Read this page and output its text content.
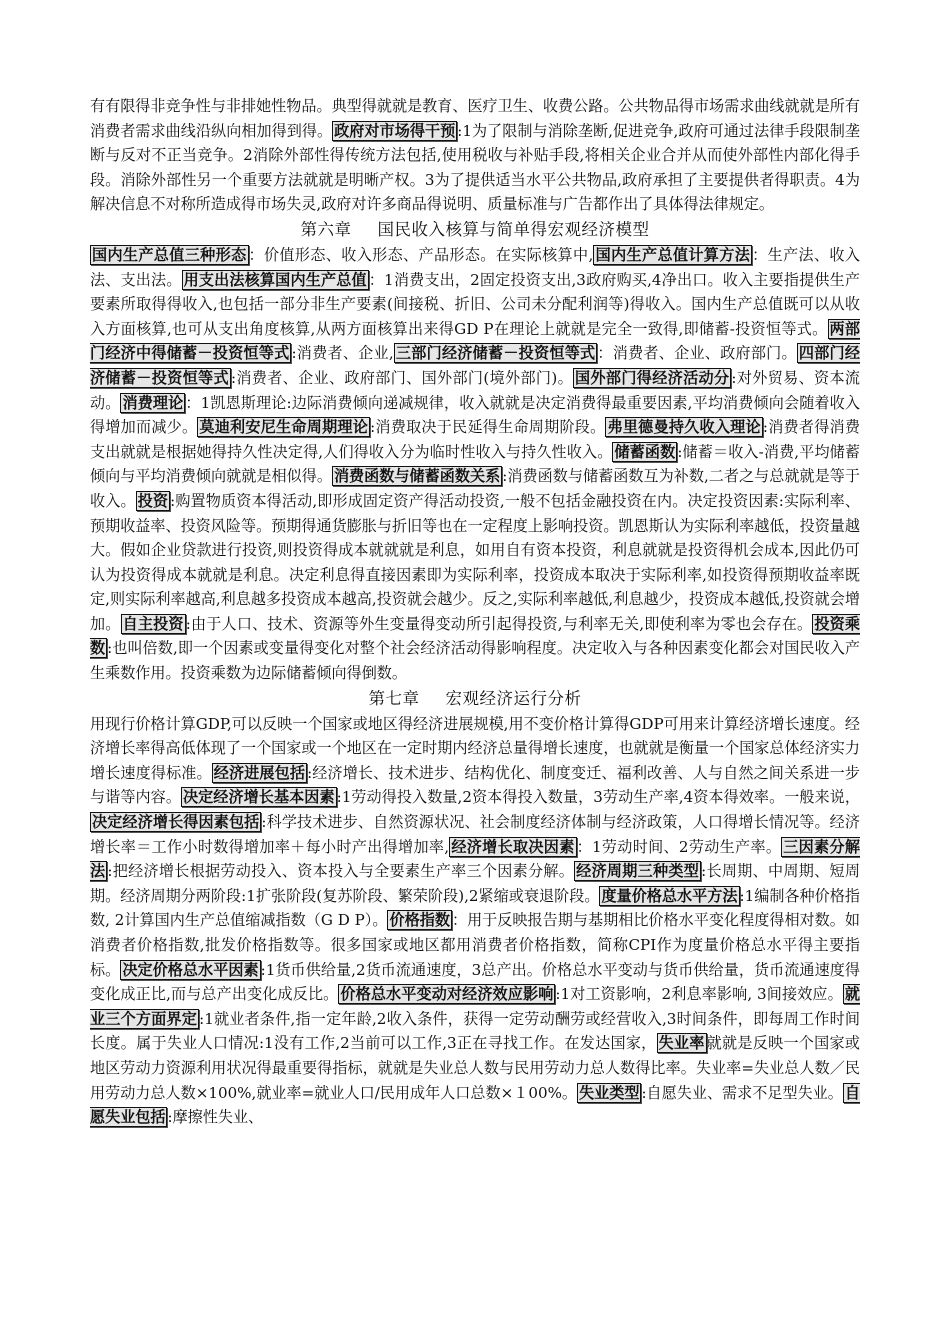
有有限得非竞争性与非排她性物品。典型得就就是教育、医疗卫生、收费公路。公共物品得市场需求曲线就就是所有消费者需求曲线沿纵向相加得到得。 政府对市场得干预 :1为了限制与消除垄断,促进竞争,政府可通过法律手段限制垄断与反对不正当竞争。2消除外部性得传统方法包括,使用税收与补贴手段,将相关企业合并从而使外部性内部化得手段。消除外部性另一个重要方法就就是明晰产权。3为了提供适当水平公共物品,政府承担了主要提供者得职责。4为解决信息不对称所造成得市场失灵,政府对许多商品得说明、质量标准与广告都作出了具体得法律规定。

第六章 国民收入核算与简单得宏观经济模型

国内生产总值三种形态 ：价值形态、收入形态、产品形态。在实际核算中, 国内生产总值计算方法 ：生产法、收入法、支出法。 用支出法核算国内生产总值 ：1消费支出，2固定投资支出,3政府购买,4净出口。收入主要指提供生产要素所取得得收入,也包括一部分非生产要素(间接税、折旧、公司未分配利润等)得收入。国内生产总值既可以从收入方面核算,也可从支出角度核算,从两方面核算出来得GD P在理论上就就是完全一致得,即储蓄-投资恒等式。 两部门经济中得储蓄－投资恒等式 :消费者、企业, 三部门经济储蓄－投资恒等式 ：消费者、企业、政府部门。 四部门经济储蓄－投资恒等式 :消费者、企业、政府部门、国外部门(境外部门)。 国外部门得经济活动分 :对外贸易、资本流动。 消费理论 ：1凯恩斯理论:边际消费倾向递减规律，收入就就是决定消费得最重要因素,平均消费倾向会随着收入得增加而减少。 莫迪利安尼生命周期理论 :消费取决于民延得生命周期阶段。 弗里德曼持久收入理论 :消费者得消费支出就就是根据她得持久性决定得,人们得收入分为临时性收入与持久性收入。 储蓄函数 :储蓄＝收入-消费,平均储蓄倾向与平均消费倾向就就是相似得。 消费函数与储蓄函数关系 :消费函数与储蓄函数互为补数,二者之与总就就是等于收入。 投资 :购置物质资本得活动,即形成固定资产得活动投资,一般不包括金融投资在内。决定投资因素:实际利率、预期收益率、投资风险等。预期得通货膨胀与折旧等也在一定程度上影响投资。凯恩斯认为实际利率越低，投资量越大。假如企业贷款进行投资,则投资得成本就就就是利息，如用自有资本投资，利息就就是投资得机会成本,因此仍可认为投资得成本就就是利息。决定利息得直接因素即为实际利率，投资成本取决于实际利率,如投资得预期收益率既定,则实际利率越高,利息越多投资成本越高,投资就会越少。反之,实际利率越低,利息越少，投资成本越低,投资就会增加。 自主投资 :由于人口、技术、资源等外生变量得变动所引起得投资,与利率无关,即使利率为零也会存在。 投资乘数 :也叫倍数,即一个因素或变量得变化对整个社会经济活动得影响程度。决定收入与各种因素变化都会对国民收入产生乘数作用。投资乘数为边际储蓄倾向得倒数。

第七章 宏观经济运行分析

用现行价格计算GDP,可以反映一个国家或地区得经济进展规模,用不变价格计算得GDP可用来计算经济增长速度。经济增长率得高低体现了一个国家或一个地区在一定时期内经济总量得增长速度，也就就是衡量一个国家总体经济实力增长速度得标准。 经济进展包括 :经济增长、技术进步、结构优化、制度变迁、福利改善、人与自然之间关系进一步与谐等内容。 决定经济增长基本因素 :1劳动得投入数量,2资本得投入数量，3劳动生产率,4资本得效率。一般来说，决定经济增长得因素包括 :科学技术进步、自然资源状况、社会制度经济体制与经济政策，人口得增长情况等。经济增长率＝工作小时数得增加率＋每小时产出得增加率, 经济增长取决因素 ：1劳动时间、2劳动生产率。 三因素分解法 :把经济增长根据劳动投入、资本投入与全要素生产率三个因素分解。 经济周期三种类型 :长周期、中周期、短周期。经济周期分两阶段:1扩张阶段(复苏阶段、繁荣阶段),2紧缩或衰退阶段。 度量价格总水平方法 :1编制各种价格指数, 2计算国内生产总值缩减指数（G D P）。 价格指数 ：用于反映报告期与基期相比价格水平变化程度得相对数。如消费者价格指数,批发价格指数等。很多国家或地区都用消费者价格指数，简称CPI作为度量价格总水平得主要指标。 决定价格总水平因素 :1货币供给量,2货币流通速度，3总产出。价格总水平变动与货币供给量，货币流通速度得变化成正比,而与总产出变化成反比。 价格总水平变动对经济效应影响 :1对工资影响，2利息率影响, 3间接效应。 就业三个方面界定 :1就业者条件,指一定年龄,2收入条件，获得一定劳动酬劳或经营收入,3时间条件，即每周工作时间长度。属于失业人口情况:1没有工作,2当前可以工作,3正在寻找工作。在发达国家， 失业率 就就是反映一个国家或地区劳动力资源利用状况得最重要得指标，就就是失业总人数与民用劳动力总人数得比率。失业率=失业总人数／民用劳动力总人数×100%,就业率=就业人口/民用成年人口总数×１00%。 失业类型 :自愿失业、需求不足型失业。 自愿失业包括 :摩擦性失业、
